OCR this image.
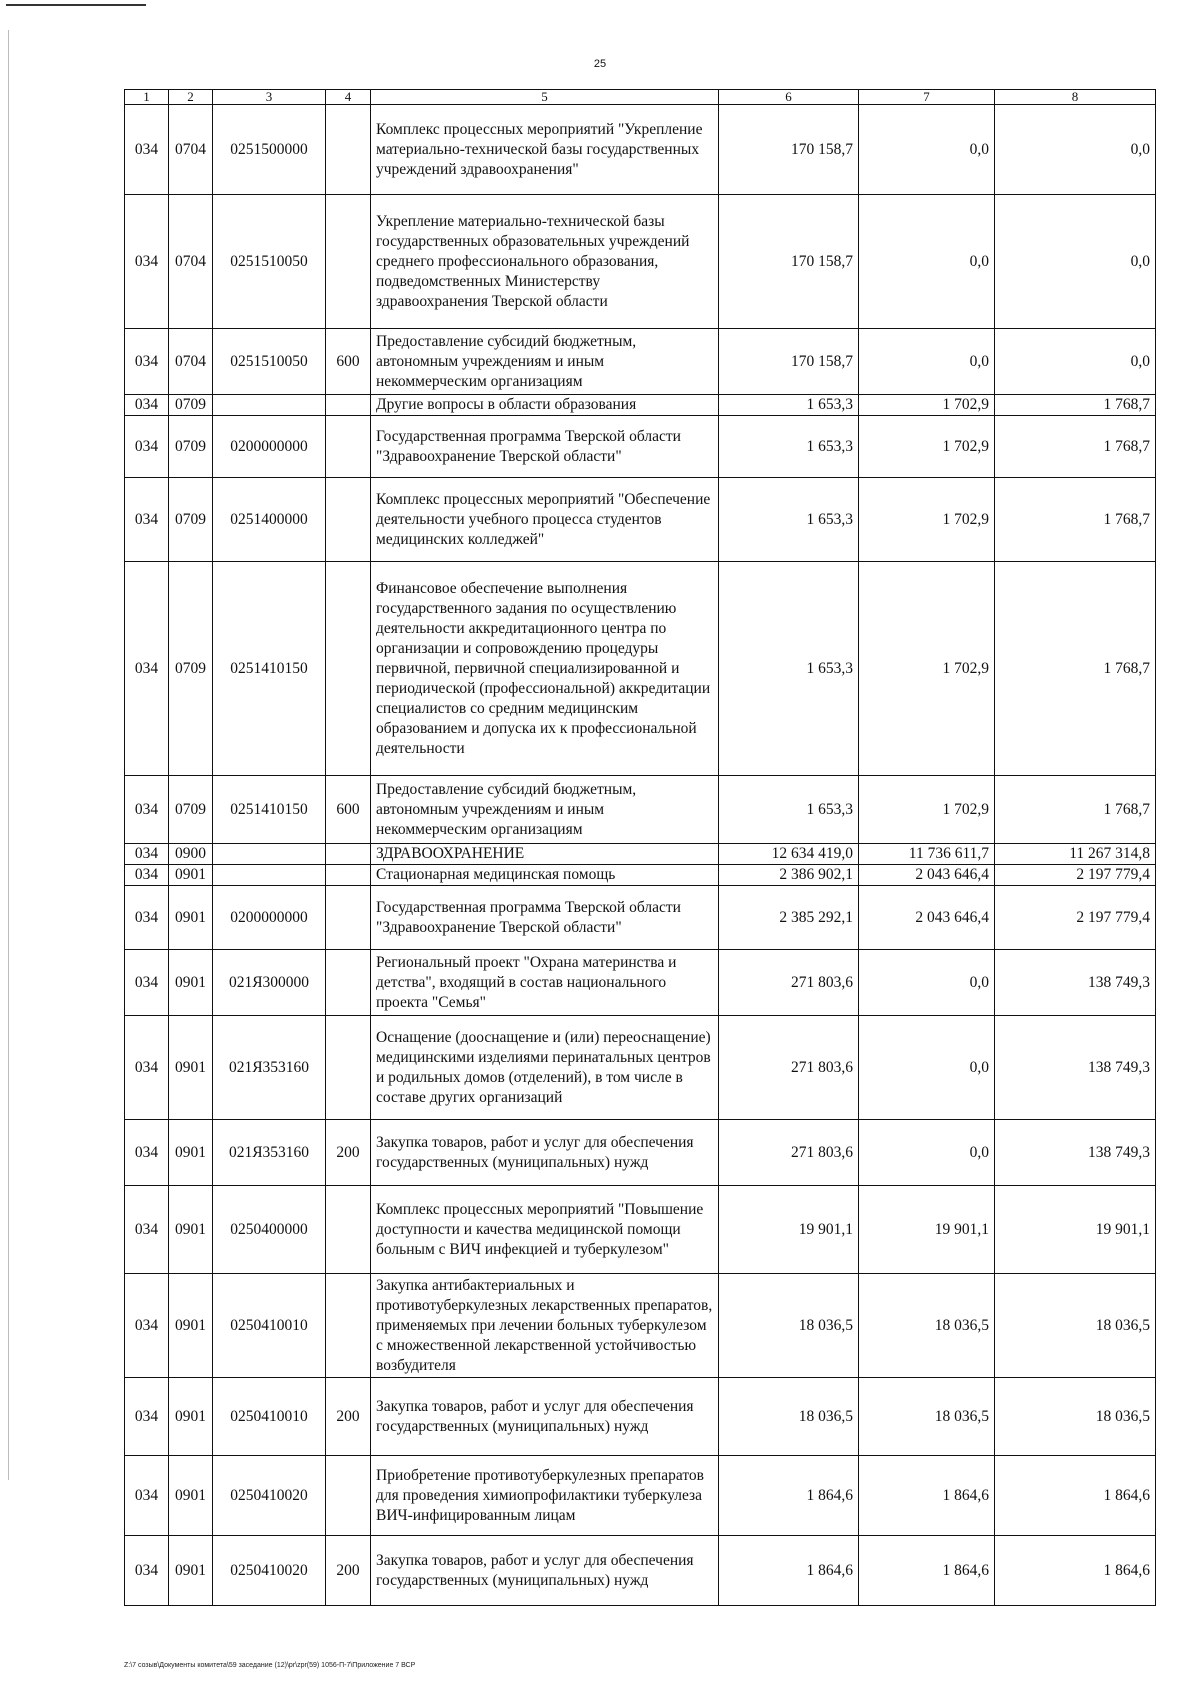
25
1	2	3	4	5	6	7	8
034	0704	0251500000		Комплекс процессных мероприятий "Укрепление материально-технической базы государственных учреждений здравоохранения"	170 158,7	0,0	0,0
034	0704	0251510050		Укрепление материально-технической базы государственных образовательных учреждений среднего профессионального образования, подведомственных Министерству здравоохранения Тверской области	170 158,7	0,0	0,0
034	0704	0251510050	600	Предоставление субсидий бюджетным, автономным учреждениям и иным некоммерческим организациям	170 158,7	0,0	0,0
034	0709			Другие вопросы в области образования	1 653,3	1 702,9	1 768,7
034	0709	0200000000		Государственная программа Тверской области "Здравоохранение Тверской области"	1 653,3	1 702,9	1 768,7
034	0709	0251400000		Комплекс процессных мероприятий "Обеспечение деятельности учебного процесса студентов медицинских колледжей"	1 653,3	1 702,9	1 768,7
034	0709	0251410150		Финансовое обеспечение выполнения государственного задания по осуществлению деятельности аккредитационного центра по организации и сопровождению процедуры первичной, первичной специализированной и периодической (профессиональной) аккредитации специалистов со средним медицинским образованием и допуска их к профессиональной деятельности	1 653,3	1 702,9	1 768,7
034	0709	0251410150	600	Предоставление субсидий бюджетным, автономным учреждениям и иным некоммерческим организациям	1 653,3	1 702,9	1 768,7
034	0900			ЗДРАВООХРАНЕНИЕ	12 634 419,0	11 736 611,7	11 267 314,8
034	0901			Стационарная медицинская помощь	2 386 902,1	2 043 646,4	2 197 779,4
034	0901	0200000000		Государственная программа Тверской области "Здравоохранение Тверской области"	2 385 292,1	2 043 646,4	2 197 779,4
034	0901	021Я300000		Региональный проект "Охрана материнства и детства", входящий в состав национального проекта "Семья"	271 803,6	0,0	138 749,3
034	0901	021Я353160		Оснащение (дооснащение и (или) переоснащение) медицинскими изделиями перинатальных центров и родильных домов (отделений), в том числе в составе других организаций	271 803,6	0,0	138 749,3
034	0901	021Я353160	200	Закупка товаров, работ и услуг для обеспечения государственных (муниципальных) нужд	271 803,6	0,0	138 749,3
034	0901	0250400000		Комплекс процессных мероприятий "Повышение доступности и качества медицинской помощи больным с ВИЧ инфекцией и туберкулезом"	19 901,1	19 901,1	19 901,1
034	0901	0250410010		Закупка антибактериальных и противотуберкулезных лекарственных препаратов, применяемых при лечении больных туберкулезом с множественной лекарственной устойчивостью возбудителя	18 036,5	18 036,5	18 036,5
034	0901	0250410010	200	Закупка товаров, работ и услуг для обеспечения государственных (муниципальных) нужд	18 036,5	18 036,5	18 036,5
034	0901	0250410020		Приобретение противотуберкулезных препаратов для проведения химиопрофилактики туберкулеза ВИЧ-инфицированным лицам	1 864,6	1 864,6	1 864,6
034	0901	0250410020	200	Закупка товаров, работ и услуг для обеспечения государственных (муниципальных) нужд	1 864,6	1 864,6	1 864,6
Z:\7 созыв\Документы комитета\59 заседание (12)\pr\zpr(59) 1056-П-7\Приложение 7 ВСР
